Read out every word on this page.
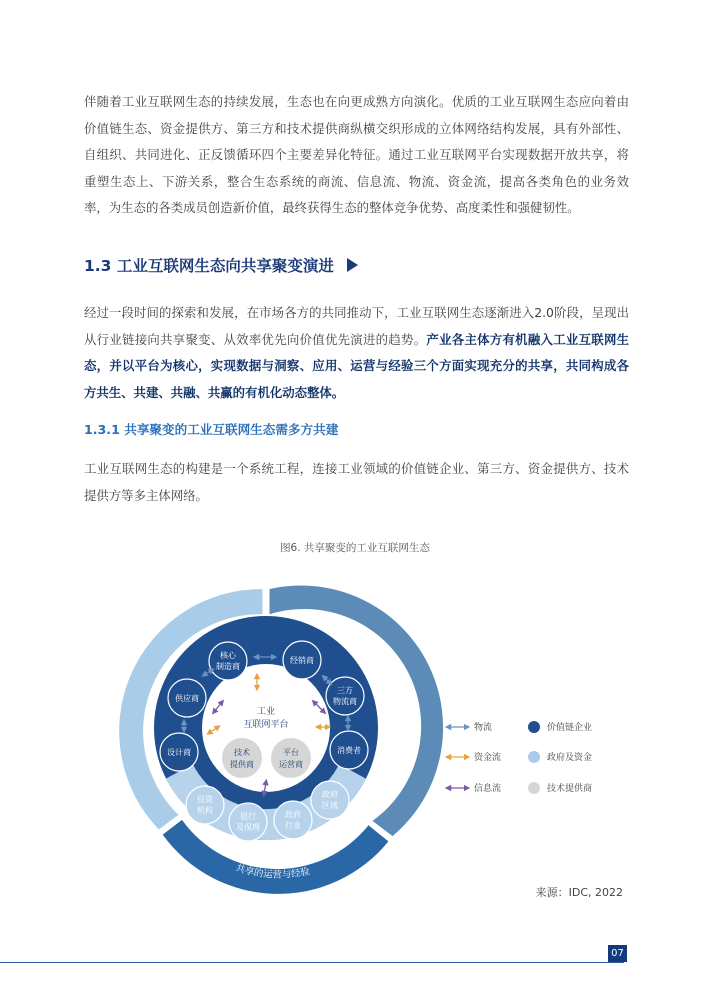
伴随着工业互联网生态的持续发展，生态也在向更成熟方向演化。优质的工业互联网生态应向着由价值链生态、资金提供方、第三方和技术提供商纵横交织形成的立体网络结构发展，具有外部性、自组织、共同进化、正反馈循环四个主要差异化特征。通过工业互联网平台实现数据开放共享，将重塑生态上、下游关系，整合生态系统的商流、信息流、物流、资金流，提高各类角色的业务效率，为生态的各类成员创造新价值，最终获得生态的整体竞争优势、高度柔性和强健韧性。

1.3 工业互联网生态向共享聚变演进

经过一段时间的探索和发展，在市场各方的共同推动下，工业互联网生态逐渐进入2.0阶段，呈现出从行业链接向共享聚变、从效率优先向价值优先演进的趋势。产业各主体方有机融入工业互联网生态，并以平台为核心，实现数据与洞察、应用、运营与经验三个方面实现充分的共享，共同构成各方共生、共建、共融、共赢的有机化动态整体。

1.3.1 共享聚变的工业互联网生态需多方共建

工业互联网生态的构建是一个系统工程，连接工业领域的价值链企业、第三方、资金提供方、技术提供方等多主体网络。

图6. 共享聚变的工业互联网生态

共享的应用
共享的运营与经验
核心
制造商
经销商
三方
物流商
消费者
供应商
设计商
投资
机构
银行
及保理
政府
行业
政府
区域
工业
互联网平台
技术
提供商
平台
运营商
物流
资金流
信息流
价值链企业
政府及资金
技术提供商

来源：IDC, 2022

07
